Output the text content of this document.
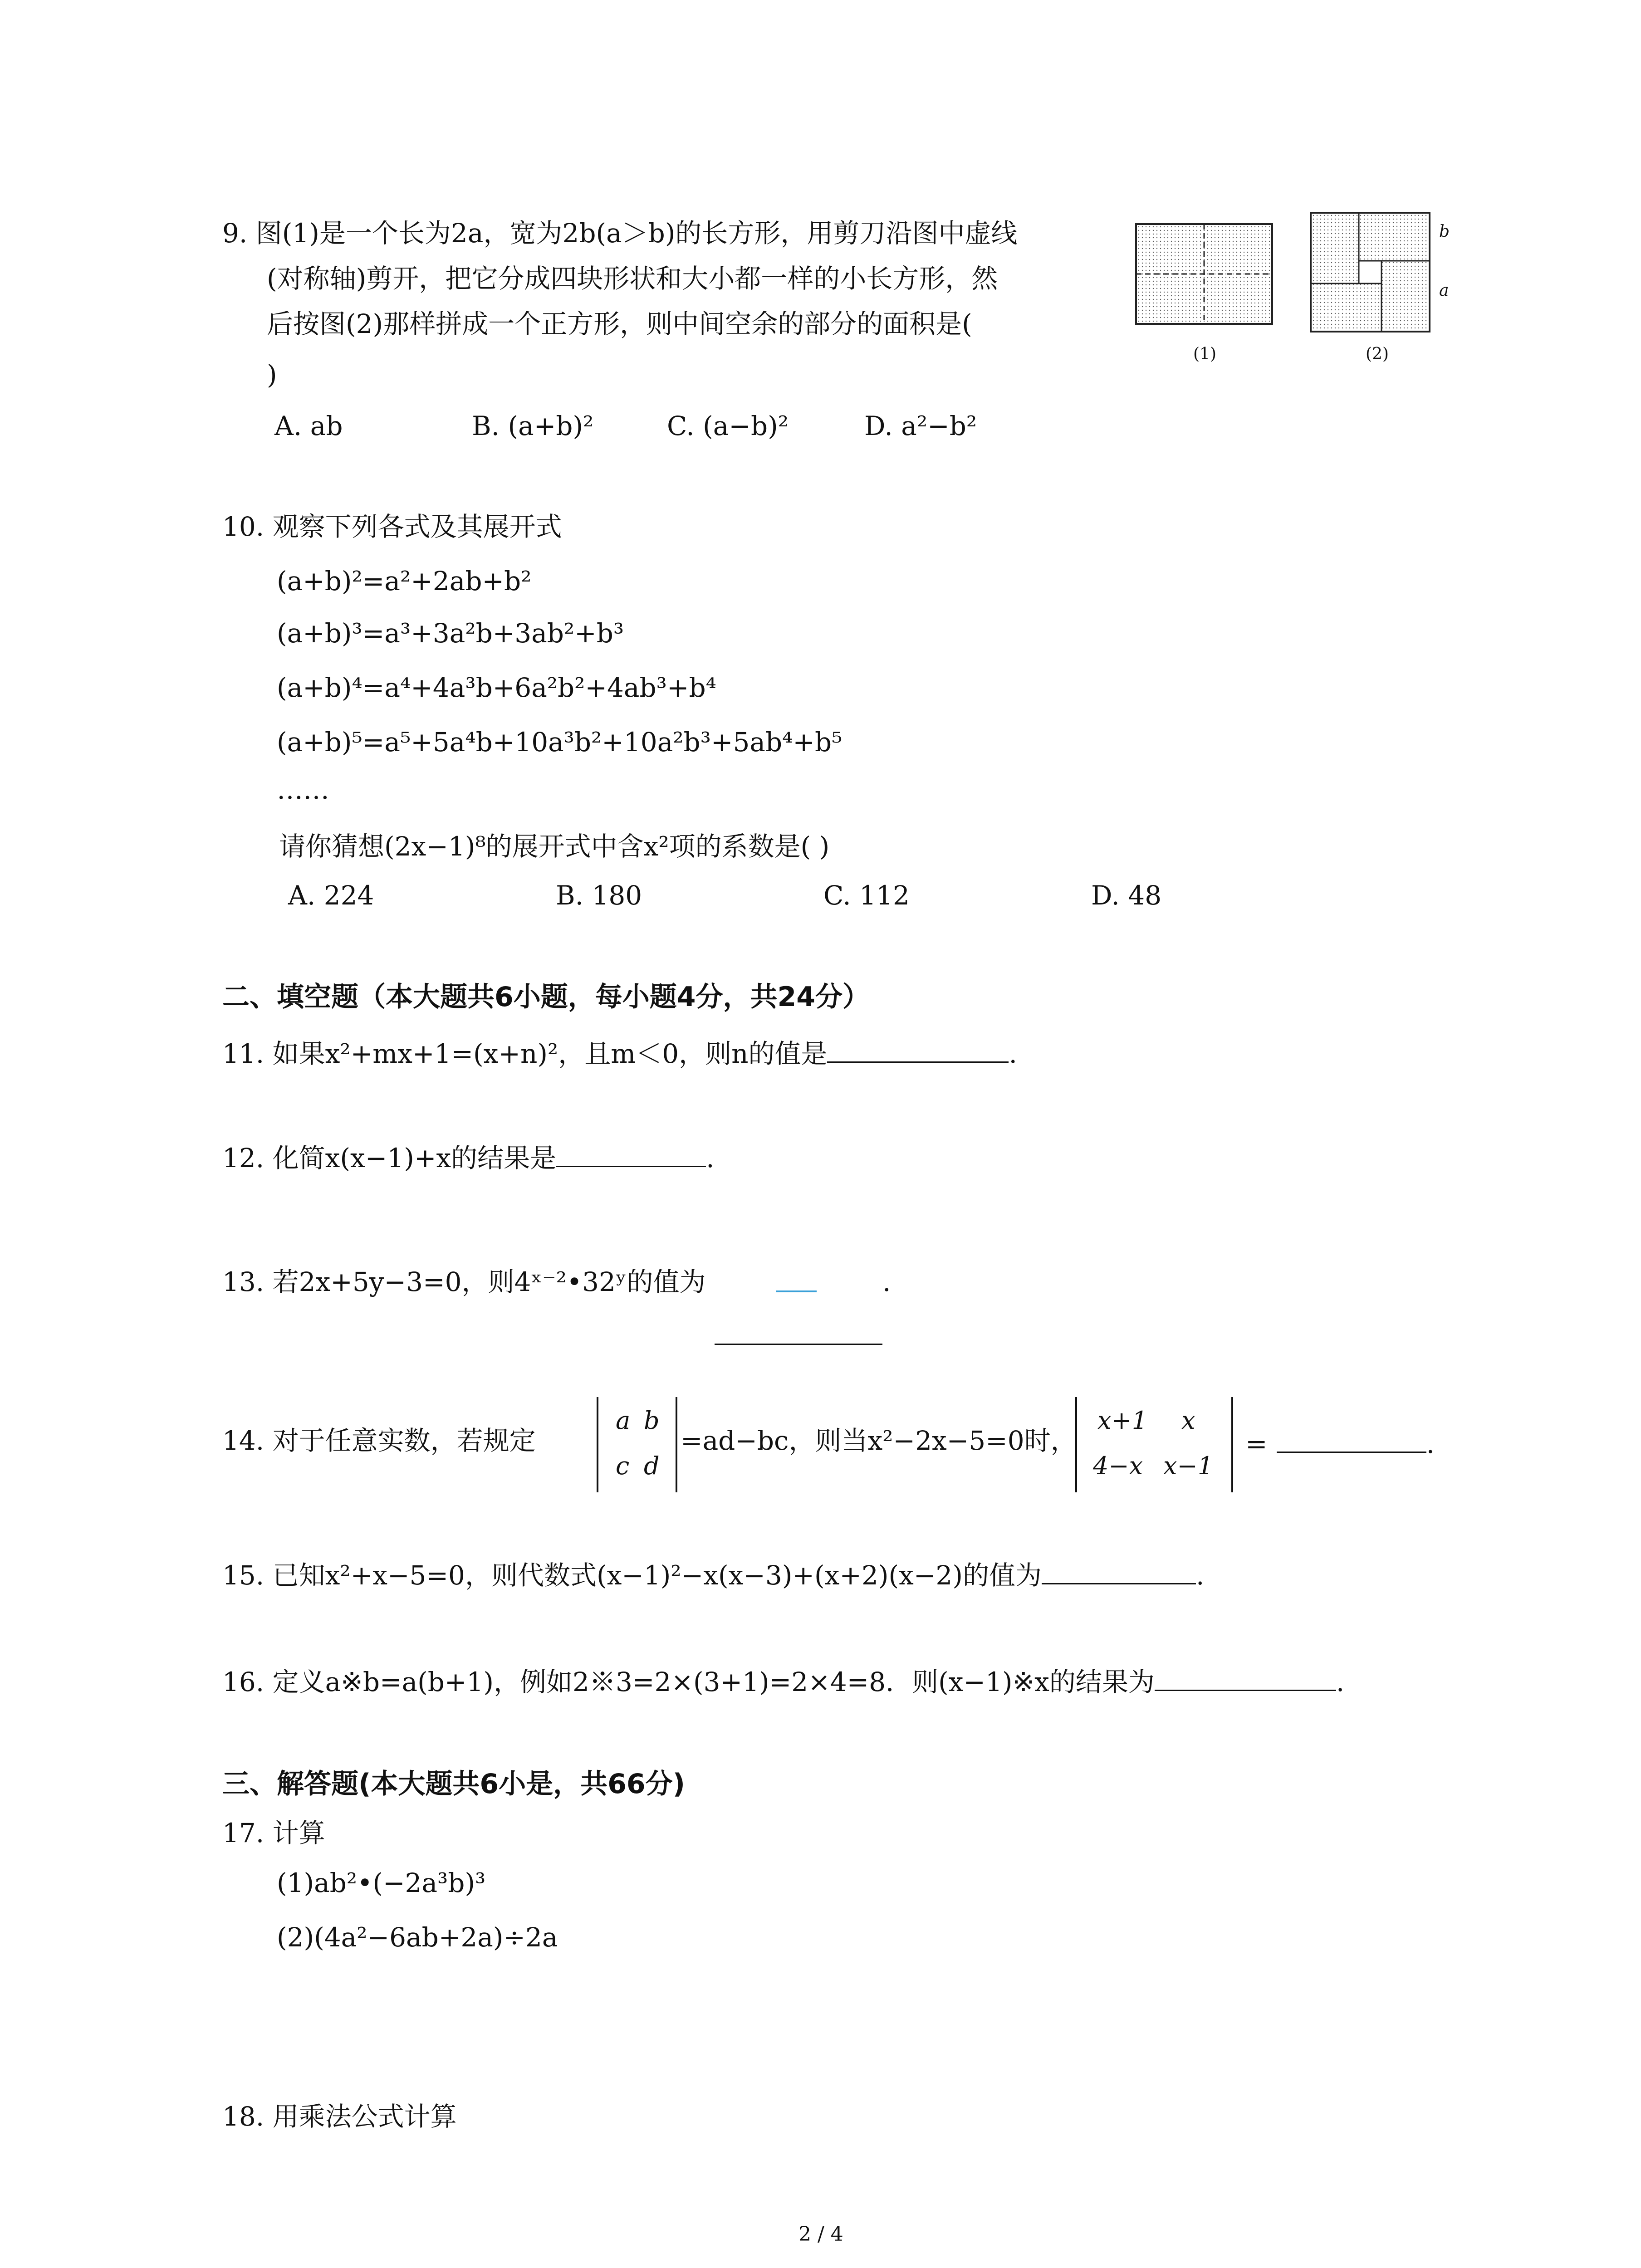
9. 图(1)是一个长为2a，宽为2b(a＞b)的长方形，用剪刀沿图中虚线
(对称轴)剪开，把它分成四块形状和大小都一样的小长方形，然
后按图(2)那样拼成一个正方形，则中间空余的部分的面积是(
)
A. ab	B. (a+b)²	C. (a−b)²	D. a²−b²
(1)
b
a
(2)
10. 观察下列各式及其展开式
(a+b)²=a²+2ab+b²
(a+b)³=a³+3a²b+3ab²+b³
(a+b)⁴=a⁴+4a³b+6a²b²+4ab³+b⁴
(a+b)⁵=a⁵+5a⁴b+10a³b²+10a²b³+5ab⁴+b⁵
……
请你猜想(2x−1)⁸的展开式中含x²项的系数是( )
A. 224	B. 180	C. 112	D. 48
二、填空题（本大题共6小题，每小题4分，共24分）
11. 如果x²+mx+1=(x+n)²，且m＜0，则n的值是	.
12. 化简x(x−1)+x的结果是	.
13. 若2x+5y−3=0，则4ˣ⁻²•32ʸ的值为	.
14. 对于任意实数，若规定
a b
c d
=ad−bc，则当x²−2x−5=0时，
x+1 x
4−x x−1
=	.
15. 已知x²+x−5=0，则代数式(x−1)²−x(x−3)+(x+2)(x−2)的值为	.
16. 定义a※b=a(b+1)，例如2※3=2×(3+1)=2×4=8．则(x−1)※x的结果为	.
三、解答题(本大题共6小是，共66分)
17. 计算
(1)ab²•(−2a³b)³
(2)(4a²−6ab+2a)÷2a
18. 用乘法公式计算
2 / 4
